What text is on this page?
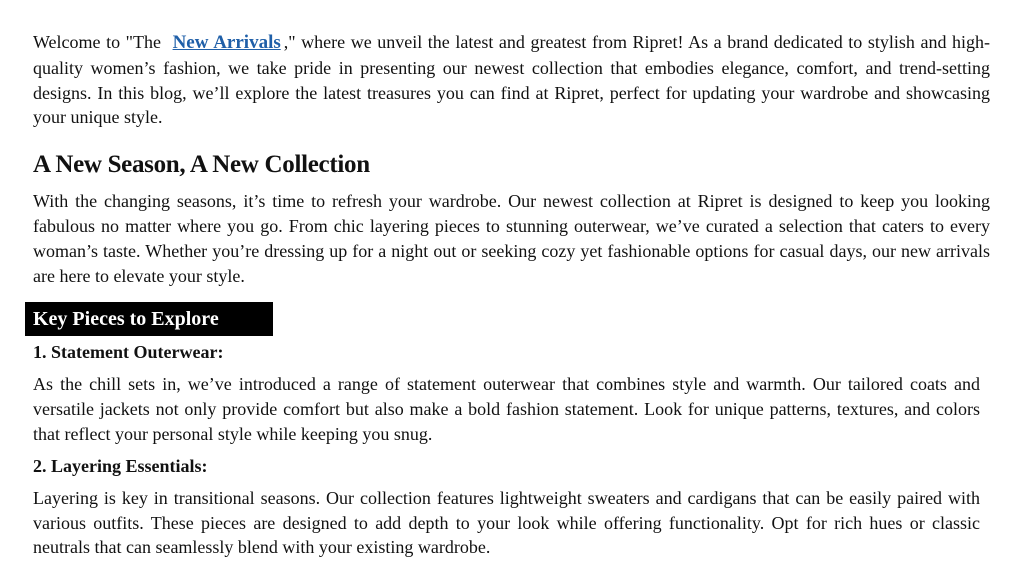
Welcome to "The New Arrivals ," where we unveil the latest and greatest from Ripret! As a brand dedicated to stylish and high-quality women’s fashion, we take pride in presenting our newest collection that embodies elegance, comfort, and trend-setting designs. In this blog, we’ll explore the latest treasures you can find at Ripret, perfect for updating your wardrobe and showcasing your unique style.

A New Season, A New Collection

With the changing seasons, it’s time to refresh your wardrobe. Our newest collection at Ripret is designed to keep you looking fabulous no matter where you go. From chic layering pieces to stunning outerwear, we’ve curated a selection that caters to every woman’s taste. Whether you’re dressing up for a night out or seeking cozy yet fashionable options for casual days, our new arrivals are here to elevate your style.

Key Pieces to Explore
1. Statement Outerwear:

As the chill sets in, we’ve introduced a range of statement outerwear that combines style and warmth. Our tailored coats and versatile jackets not only provide comfort but also make a bold fashion statement. Look for unique patterns, textures, and colors that reflect your personal style while keeping you snug.

2. Layering Essentials:

Layering is key in transitional seasons. Our collection features lightweight sweaters and cardigans that can be easily paired with various outfits. These pieces are designed to add depth to your look while offering functionality. Opt for rich hues or classic neutrals that can seamlessly blend with your existing wardrobe.
